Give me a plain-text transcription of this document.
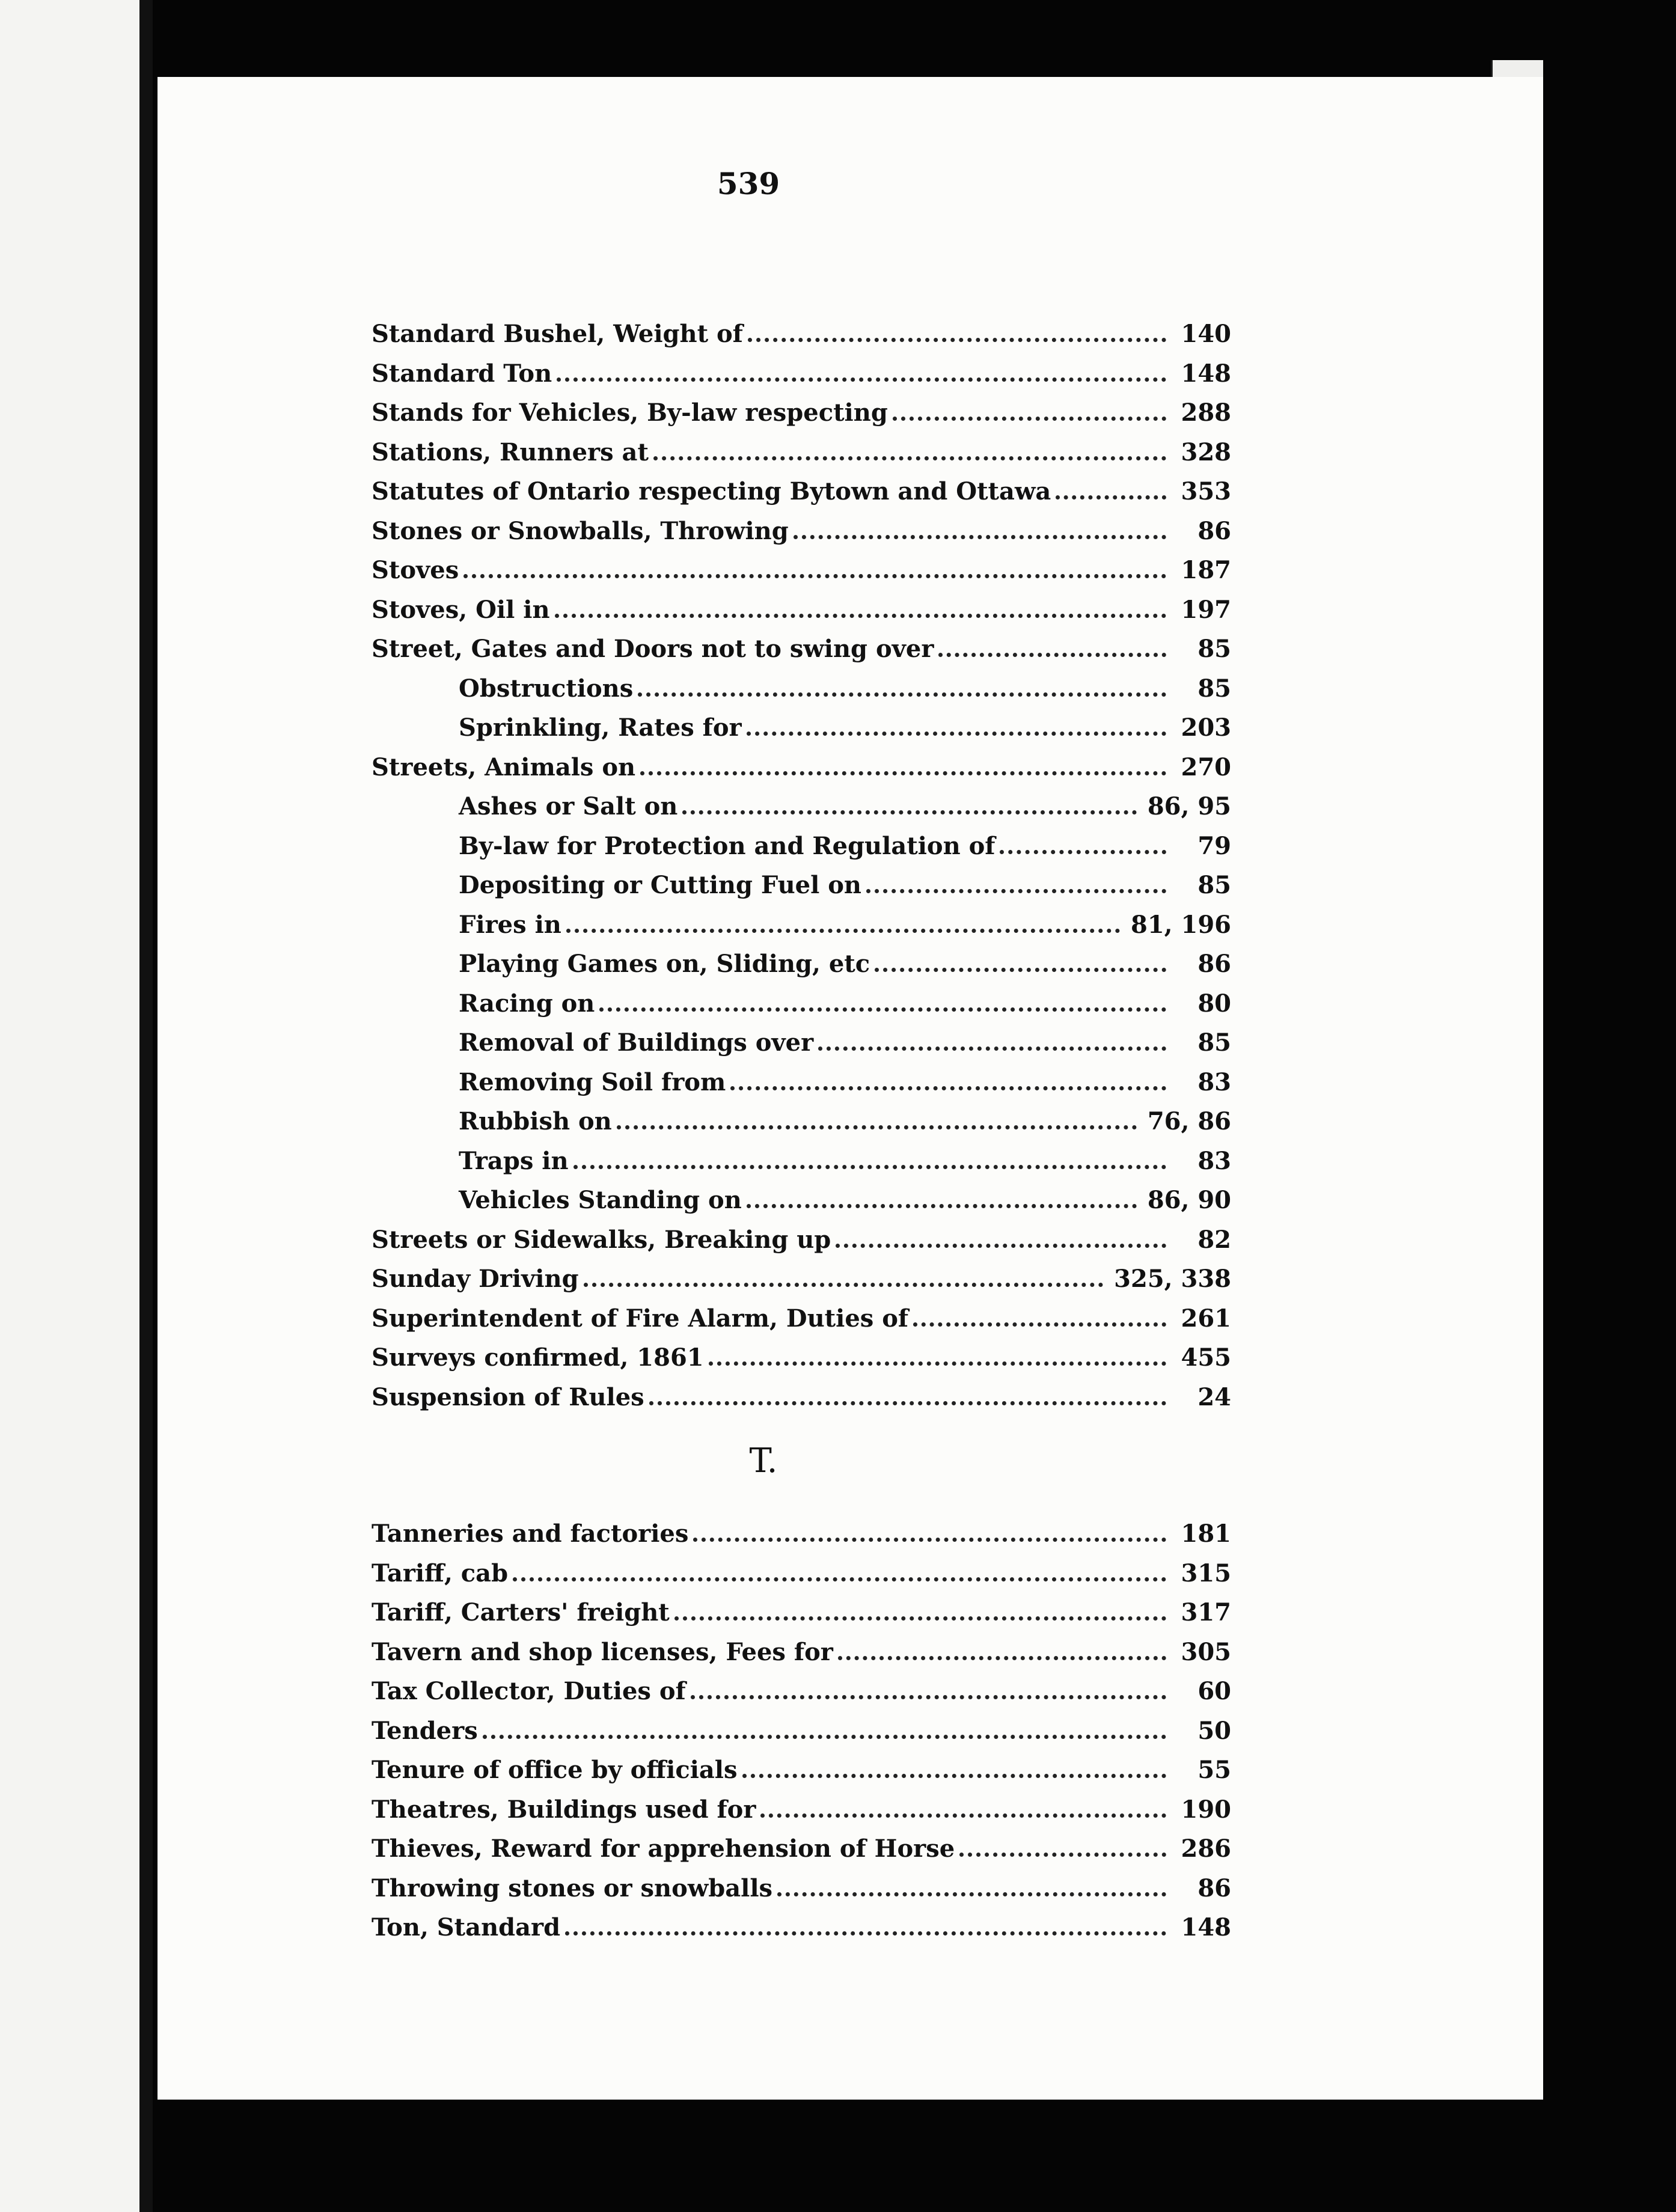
539
T.
Standard Bushel, Weight of	140
Standard Ton	148
Stands for Vehicles, By-law respecting	288
Stations, Runners at	328
Statutes of Ontario respecting Bytown and Ottawa	353
Stones or Snowballs, Throwing	86
Stoves	187
Stoves, Oil in	197
Street, Gates and Doors not to swing over	85
Obstructions	85
Sprinkling, Rates for	203
Streets, Animals on	270
Ashes or Salt on	86, 95
By-law for Protection and Regulation of	79
Depositing or Cutting Fuel on	85
Fires in	81, 196
Playing Games on, Sliding, etc	86
Racing on	80
Removal of Buildings over	85
Removing Soil from	83
Rubbish on	76, 86
Traps in	83
Vehicles Standing on	86, 90
Streets or Sidewalks, Breaking up	82
Sunday Driving	325, 338
Superintendent of Fire Alarm, Duties of	261
Surveys confirmed, 1861	455
Suspension of Rules	24
Tanneries and factories	181
Tariff, cab	315
Tariff, Carters' freight	317
Tavern and shop licenses, Fees for	305
Tax Collector, Duties of	60
Tenders	50
Tenure of office by officials	55
Theatres, Buildings used for	190
Thieves, Reward for apprehension of Horse	286
Throwing stones or snowballs	86
Ton, Standard	148
